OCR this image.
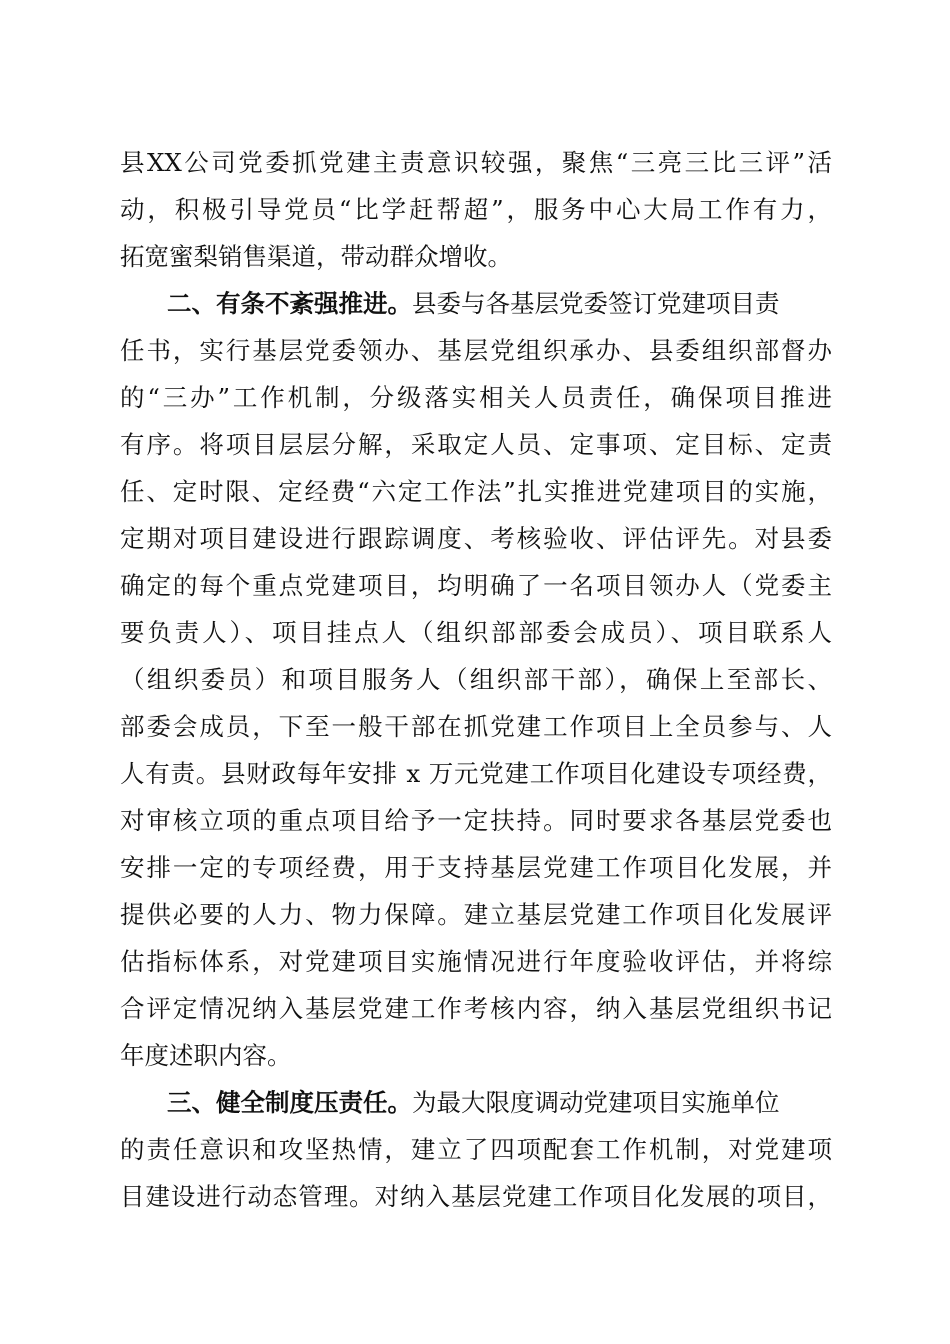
县XX公司党委抓党建主责意识较强，聚焦“三亮三比三评”活
动，积极引导党员“比学赶帮超”，服务中心大局工作有力，
拓宽蜜梨销售渠道，带动群众增收。
二、有条不紊强推进。县委与各基层党委签订党建项目责
任书，实行基层党委领办、基层党组织承办、县委组织部督办
的“三办”工作机制，分级落实相关人员责任，确保项目推进
有序。将项目层层分解，采取定人员、定事项、定目标、定责
任、定时限、定经费“六定工作法”扎实推进党建项目的实施，
定期对项目建设进行跟踪调度、考核验收、评估评先。对县委
确定的每个重点党建项目，均明确了一名项目领办人（党委主
要负责人）、项目挂点人（组织部部委会成员）、项目联系人
（组织委员）和项目服务人（组织部干部），确保上至部长、
部委会成员，下至一般干部在抓党建工作项目上全员参与、人
人有责。县财政每年安排 x 万元党建工作项目化建设专项经费，
对审核立项的重点项目给予一定扶持。同时要求各基层党委也
安排一定的专项经费，用于支持基层党建工作项目化发展，并
提供必要的人力、物力保障。建立基层党建工作项目化发展评
估指标体系，对党建项目实施情况进行年度验收评估，并将综
合评定情况纳入基层党建工作考核内容，纳入基层党组织书记
年度述职内容。
三、健全制度压责任。为最大限度调动党建项目实施单位
的责任意识和攻坚热情，建立了四项配套工作机制，对党建项
目建设进行动态管理。对纳入基层党建工作项目化发展的项目，
